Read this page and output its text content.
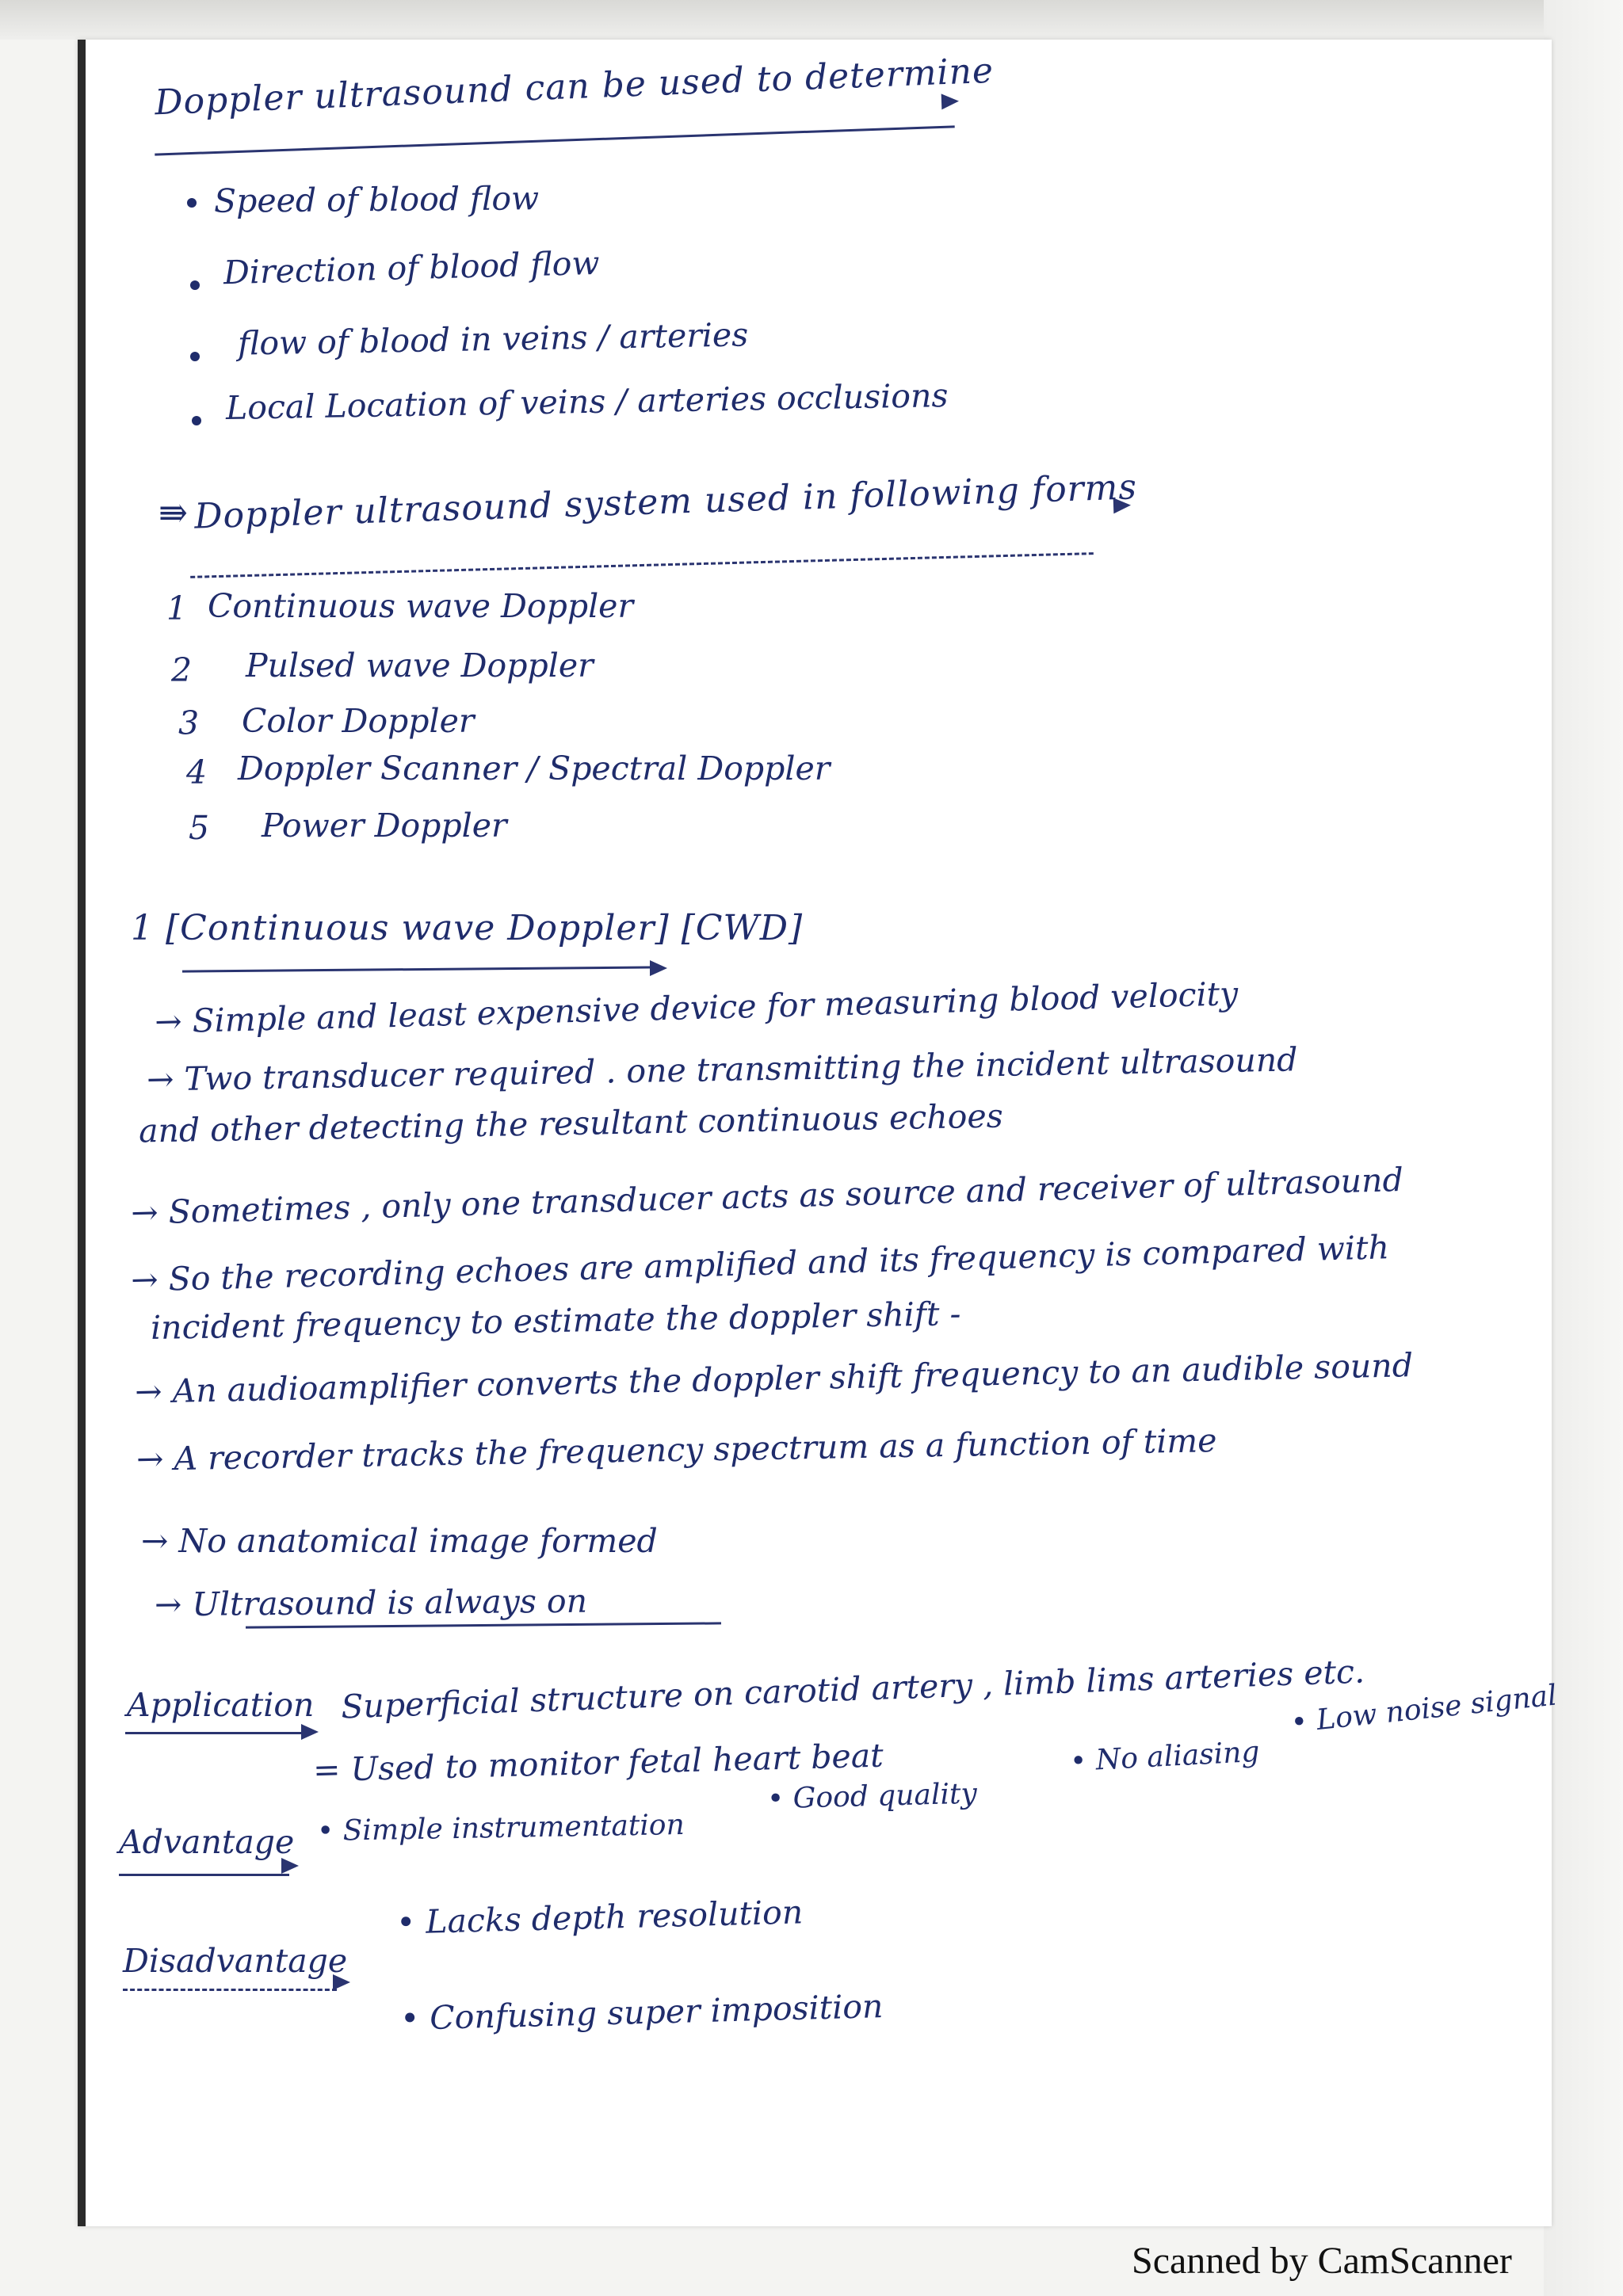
Doppler ultrasound can be used to determine
Speed of blood flow
Direction of blood flow
flow of blood in veins / arteries
Local Location of veins / arteries occlusions
⇛ Doppler ultrasound system used in following forms
1 Continuous wave Doppler
2 Pulsed wave Doppler
3 Color Doppler
4 Doppler Scanner / Spectral Doppler
5 Power Doppler
1 [Continuous wave Doppler] [CWD]
→ Simple and least expensive device for measuring blood velocity
→ Two transducer required . one transmitting the incident ultrasound
and other detecting the resultant continuous echoes
→ Sometimes , only one transducer acts as source and receiver of ultrasound
→ So the recording echoes are amplified and its frequency is compared with
incident frequency to estimate the doppler shift -
→ An audioamplifier converts the doppler shift frequency to an audible sound
→ A recorder tracks the frequency spectrum as a function of time
→ No anatomical image formed
→ Ultrasound is always on
Application Superficial structure on carotid artery , limb lims arteries etc.
= Used to monitor fetal heart beat
Advantage • Simple instrumentation
• Good quality
• No aliasing
• Low noise signal
Disadvantage
• Lacks depth resolution
• Confusing super imposition
Scanned by CamScanner
